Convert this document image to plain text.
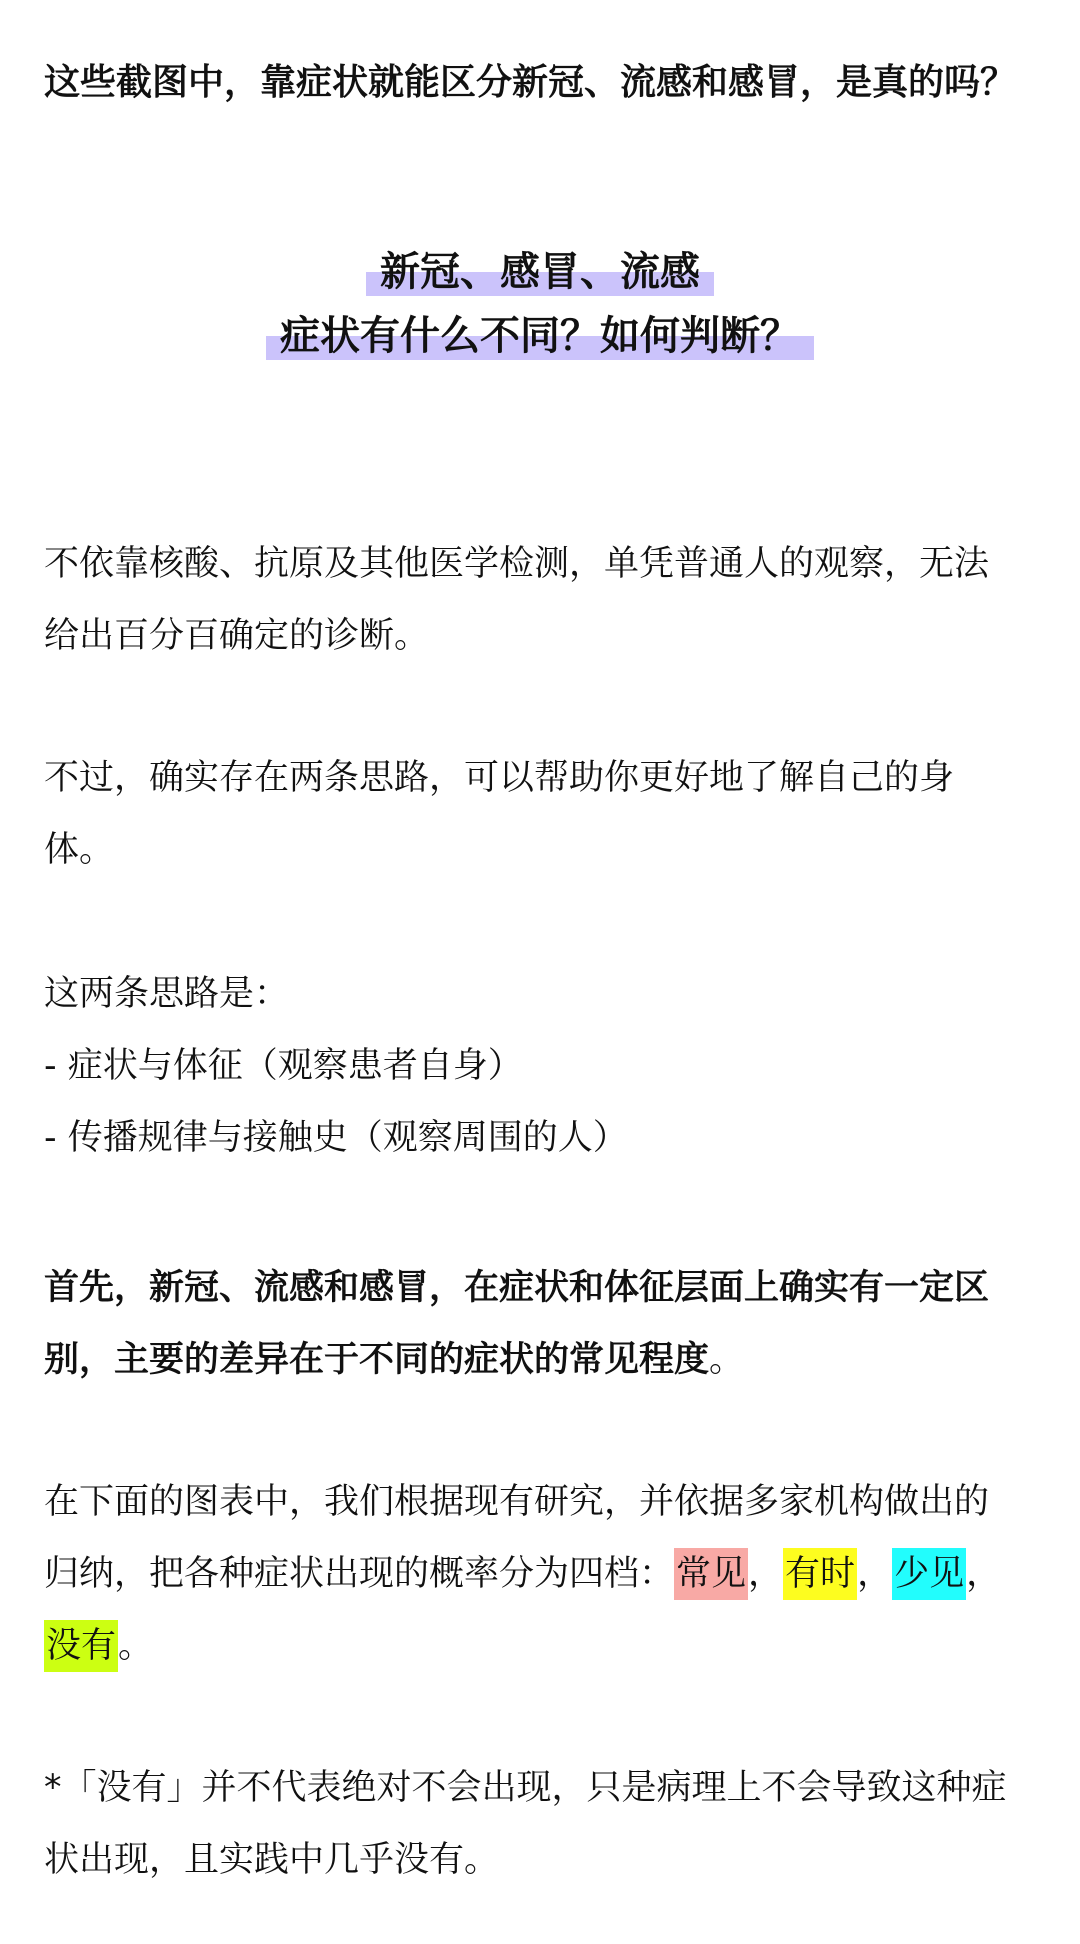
这些截图中，靠症状就能区分新冠、流感和感冒，是真的吗？
新冠、感冒、流感
症状有什么不同？如何判断？

不依靠核酸、抗原及其他医学检测，单凭普通人的观察，无法
给出百分百确定的诊断。

不过，确实存在两条思路，可以帮助你更好地了解自己的身
体。

这两条思路是：
- 症状与体征（观察患者自身）
- 传播规律与接触史（观察周围的人）

首先，新冠、流感和感冒，在症状和体征层面上确实有一定区
别，主要的差异在于不同的症状的常见程度。

在下面的图表中，我们根据现有研究，并依据多家机构做出的
归纳，把各种症状出现的概率分为四档：常见，有时，少见，
没有。

*「没有」并不代表绝对不会出现，只是病理上不会导致这种症
状出现，且实践中几乎没有。
